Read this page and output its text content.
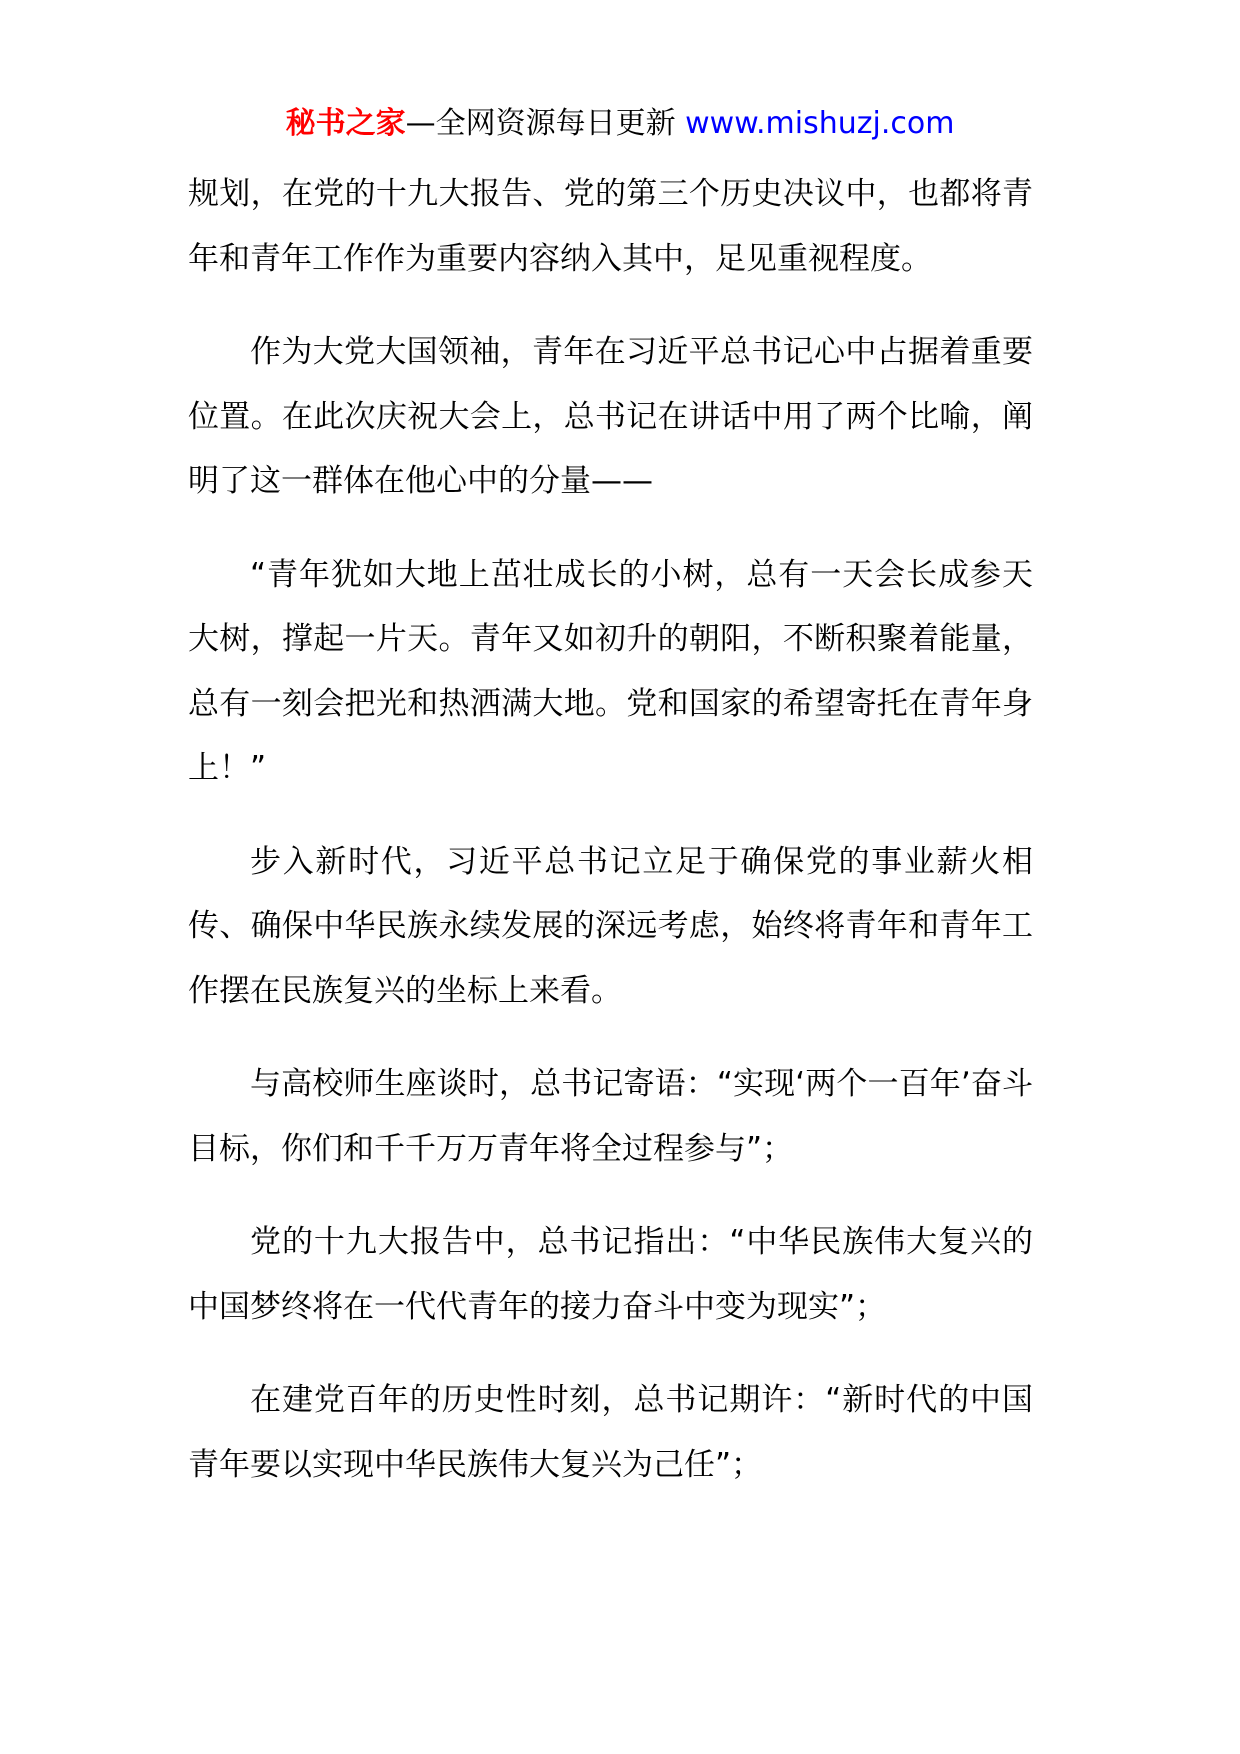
秘书之家—全网资源每日更新 www.mishuzj.com

规划，在党的十九大报告、党的第三个历史决议中，也都将青年和青年工作作为重要内容纳入其中，足见重视程度。

作为大党大国领袖，青年在习近平总书记心中占据着重要位置。在此次庆祝大会上，总书记在讲话中用了两个比喻，阐明了这一群体在他心中的分量——

“青年犹如大地上茁壮成长的小树，总有一天会长成参天大树，撑起一片天。青年又如初升的朝阳，不断积聚着能量，总有一刻会把光和热洒满大地。党和国家的希望寄托在青年身上！”

步入新时代，习近平总书记立足于确保党的事业薪火相传、确保中华民族永续发展的深远考虑，始终将青年和青年工作摆在民族复兴的坐标上来看。

与高校师生座谈时，总书记寄语：“实现‘两个一百年’奋斗目标，你们和千千万万青年将全过程参与”；

党的十九大报告中，总书记指出：“中华民族伟大复兴的中国梦终将在一代代青年的接力奋斗中变为现实”；

在建党百年的历史性时刻，总书记期许：“新时代的中国青年要以实现中华民族伟大复兴为己任”；
